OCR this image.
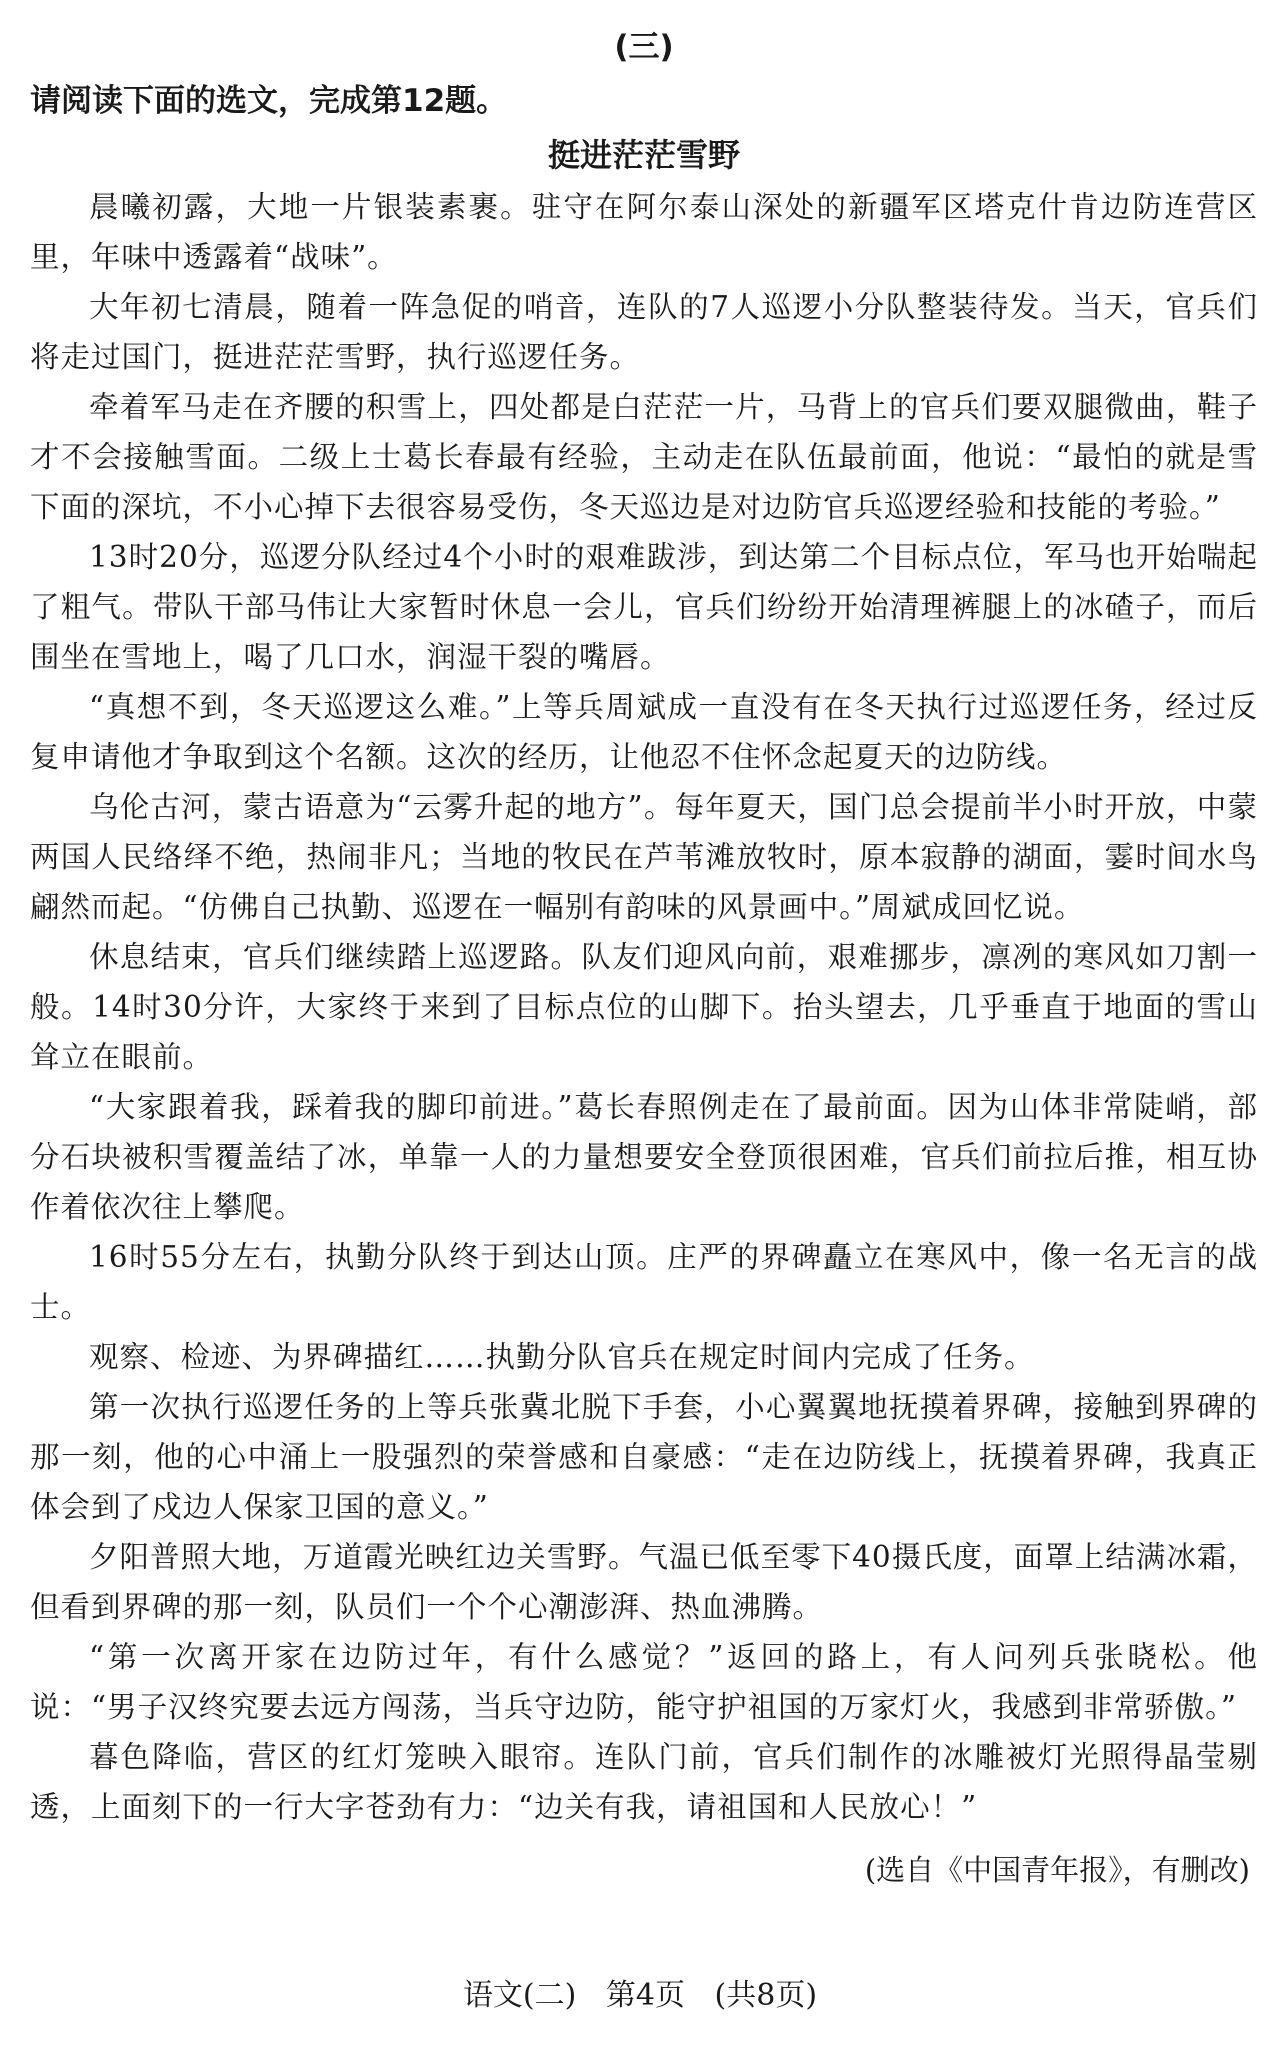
(三)
请阅读下面的选文，完成第12题。
挺进茫茫雪野

晨曦初露，大地一片银装素裹。驻守在阿尔泰山深处的新疆军区塔克什肯边防连营区里，年味中透露着“战味”。

大年初七清晨，随着一阵急促的哨音，连队的7人巡逻小分队整装待发。当天，官兵们将走过国门，挺进茫茫雪野，执行巡逻任务。

牵着军马走在齐腰的积雪上，四处都是白茫茫一片，马背上的官兵们要双腿微曲，鞋子才不会接触雪面。二级上士葛长春最有经验，主动走在队伍最前面，他说：“最怕的就是雪下面的深坑，不小心掉下去很容易受伤，冬天巡边是对边防官兵巡逻经验和技能的考验。”

13时20分，巡逻分队经过4个小时的艰难跋涉，到达第二个目标点位，军马也开始喘起了粗气。带队干部马伟让大家暂时休息一会儿，官兵们纷纷开始清理裤腿上的冰碴子，而后围坐在雪地上，喝了几口水，润湿干裂的嘴唇。

“真想不到，冬天巡逻这么难。”上等兵周斌成一直没有在冬天执行过巡逻任务，经过反复申请他才争取到这个名额。这次的经历，让他忍不住怀念起夏天的边防线。

乌伦古河，蒙古语意为“云雾升起的地方”。每年夏天，国门总会提前半小时开放，中蒙两国人民络绎不绝，热闹非凡；当地的牧民在芦苇滩放牧时，原本寂静的湖面，霎时间水鸟翩然而起。“仿佛自己执勤、巡逻在一幅别有韵味的风景画中。”周斌成回忆说。

休息结束，官兵们继续踏上巡逻路。队友们迎风向前，艰难挪步，凛冽的寒风如刀割一般。14时30分许，大家终于来到了目标点位的山脚下。抬头望去，几乎垂直于地面的雪山耸立在眼前。

“大家跟着我，踩着我的脚印前进。”葛长春照例走在了最前面。因为山体非常陡峭，部分石块被积雪覆盖结了冰，单靠一人的力量想要安全登顶很困难，官兵们前拉后推，相互协作着依次往上攀爬。

16时55分左右，执勤分队终于到达山顶。庄严的界碑矗立在寒风中，像一名无言的战士。

观察、检迹、为界碑描红……执勤分队官兵在规定时间内完成了任务。

第一次执行巡逻任务的上等兵张冀北脱下手套，小心翼翼地抚摸着界碑，接触到界碑的那一刻，他的心中涌上一股强烈的荣誉感和自豪感：“走在边防线上，抚摸着界碑，我真正体会到了戍边人保家卫国的意义。”

夕阳普照大地，万道霞光映红边关雪野。气温已低至零下40摄氏度，面罩上结满冰霜，但看到界碑的那一刻，队员们一个个心潮澎湃、热血沸腾。

“第一次离开家在边防过年，有什么感觉？”返回的路上，有人问列兵张晓松。他说：“男子汉终究要去远方闯荡，当兵守边防，能守护祖国的万家灯火，我感到非常骄傲。”

暮色降临，营区的红灯笼映入眼帘。连队门前，官兵们制作的冰雕被灯光照得晶莹剔透，上面刻下的一行大字苍劲有力：“边关有我，请祖国和人民放心！”

(选自《中国青年报》，有删改)
语文(二) 第4页 (共8页)
